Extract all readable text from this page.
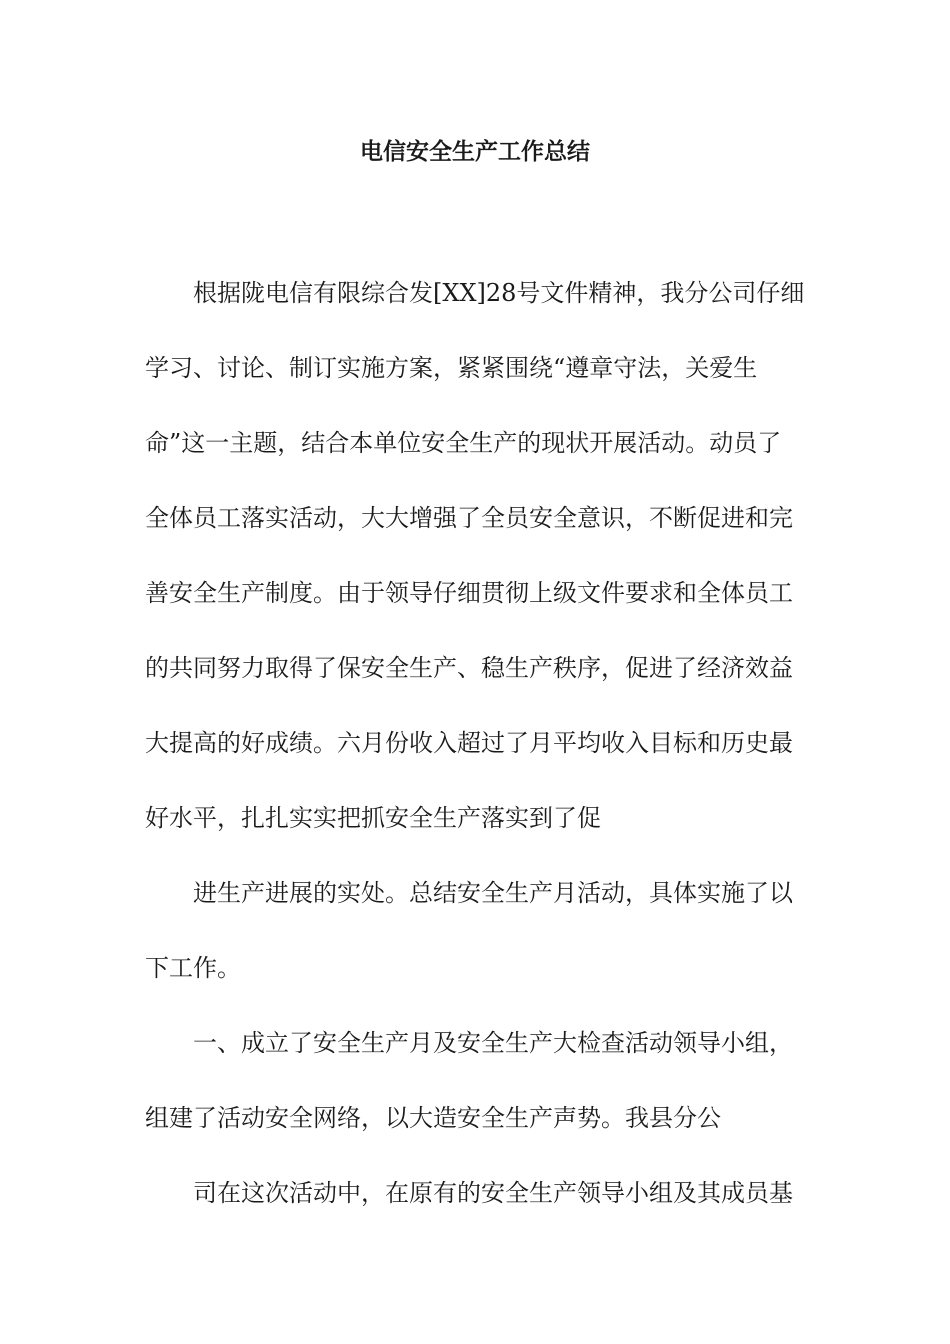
电信安全生产工作总结

根据陇电信有限综合发[XX]28号文件精神，我分公司仔细
学习、讨论、制订实施方案，紧紧围绕“遵章守法，关爱生
命”这一主题，结合本单位安全生产的现状开展活动。动员了
全体员工落实活动，大大增强了全员安全意识，不断促进和完
善安全生产制度。由于领导仔细贯彻上级文件要求和全体员工
的共同努力取得了保安全生产、稳生产秩序，促进了经济效益
大提高的好成绩。六月份收入超过了月平均收入目标和历史最
好水平，扎扎实实把抓安全生产落实到了促

进生产进展的实处。总结安全生产月活动，具体实施了以
下工作。

一、成立了安全生产月及安全生产大检查活动领导小组，
组建了活动安全网络，以大造安全生产声势。我县分公

司在这次活动中，在原有的安全生产领导小组及其成员基
